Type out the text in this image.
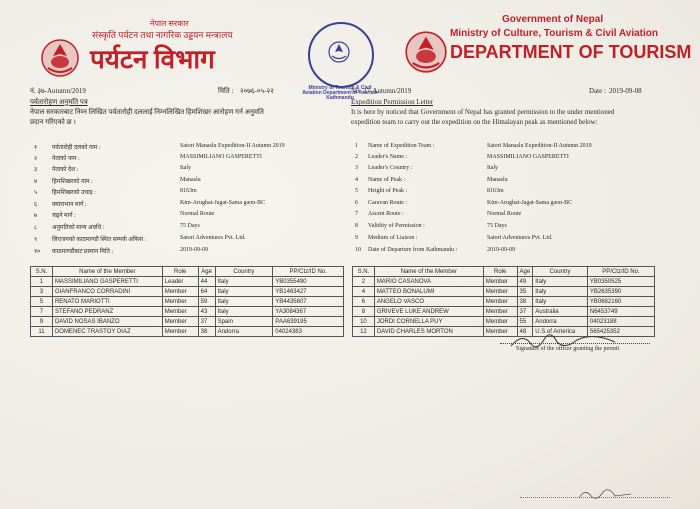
नेपाल सरकार
संस्कृति पर्यटन तथा नागरिक उड्डयन मन्त्रालय
पर्यटन विभाग
Ministry of Tourism & Civil Aviation Department of Tourism Kathmandu
Government of Nepal
Ministry of Culture, Tourism & Civil Aviation
DEPARTMENT OF TOURISM
नं. ३७-Autumn/2019	मिति : २०७६-०५-२२	No. 37-Autumn/2019	Date : 2019-09-08
पर्वतारोहण अनुमति पत्र
नेपाल सरकारबाट निम्न लिखित पर्वतारोही दललाई निम्नलिखित हिमशिखर आरोहण गर्न अनुमति
प्रदान गरिएको छ ।
Expedition Permission Letter
It is here by noticed that Government of Nepal has granted permission to the under mentioned
expedition team to carry out the expedition on the Himalayan peak as mentioned below:
१ पर्वतारोही दलको नाम :	Satori Manaslu Expedition-II Autumn 2019
२ नेताको नाम :	MASSIMILIANO GASPERETTI
३ नेताको देश :	Italy
४ हिमशिखरको नाम :	Manaslu
५ हिमशिखरको उचाइ :	8163m
६ क्याराभान मार्ग :	Ktm-Arughat-Jagat-Sama gaon-BC
७ चढ्ने मार्ग :	Normal Route
८ अनुमतिको मान्य अवधि :	75 Days
९ लिएजनको काठमाण्डौ स्थित सम्पर्क अफिस :	Satori Adventures Pvt. Ltd.
१० काठमाण्डौबाट प्रस्थान मिति :	2019-09-09
1 Name of Expedition Team :	Satori Manaslu Expedition-II Autumn 2019
2 Leader's Name :	MASSIMILIANO GASPERETTI
3 Leader's Country :	Italy
4 Name of Peak :	Manaslu
5 Height of Peak :	8163m
6 Caravan Route :	Ktm-Arughat-Jagat-Sama gaon-BC
7 Ascent Route :	Normal Route
8 Validity of Permission :	75 Days
9 Medium of Liaison :	Satori Adventures Pvt. Ltd.
10 Date of Departure from Kathmandu :	2019-09-09
S.N.	Name of the Member	Role	Age	Country	PP/Ctz/ID No.
1	MASSIMILIANO GASPERETTI	Leader	44	Italy	YB0355490
3	GIANFRANCO CORRADINI	Member	64	Italy	YB1463427
5	RENATO MARIOTTI	Member	59	Italy	YB4435607
7	STEFANO PEDRANZ	Member	43	Italy	YA3084367
9	DAVID NOSAS IBANZO	Member	37	Spain	PAA639195
11	DOMENEC TRASTOY DIAZ	Member	38	Andorra	04024383
S.N.	Name of the Member	Role	Age	Country	PP/Ctz/ID No.
2	MARIO CASANOVA	Member	49	Italy	YB0350525
4	MATTEO BONALUMI	Member	35	Italy	YB2635390
6	ANGELO VASCO	Member	38	Italy	YB0682160
8	GRIVEVE LUKE ANDREW	Member	37	Australia	N6453749
10	JORDI CORNELLA PUY	Member	55	Andorra	04023188
12	DAVID CHARLES MORTON	Member	48	U.S.of America	565425352
Signature of the officer granting the permit
